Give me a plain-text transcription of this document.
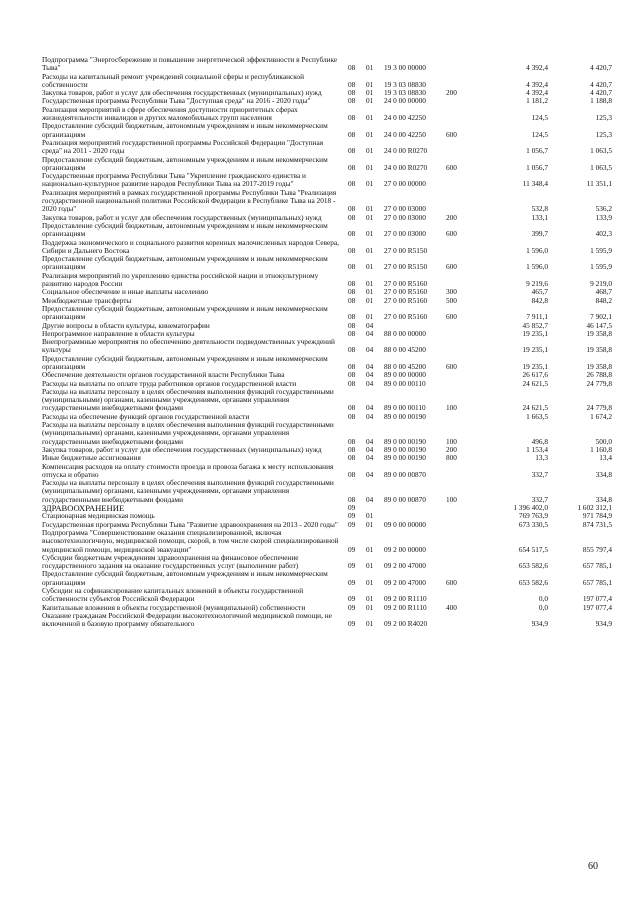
Подпрограмма "Энергосбережение и повышение энергетической эффективности в Республике Тыва"	08	01	19 3 00 00000		4 392,4	4 420,7
Расходы на капитальный ремонт учреждений социальной сферы и республиканской собственности	08	01	19 3 03 08830		4 392,4	4 420,7
Закупка товаров, работ и услуг для обеспечения государственных (муниципальных) нужд	08	01	19 3 03 08830	200	4 392,4	4 420,7
Государственная программа Республики Тыва "Доступная среда" на 2016 - 2020 годы"	08	01	24 0 00 00000		1 181,2	1 188,8
Реализация мероприятий в сфере обеспечения доступности приоритетных сферах жизнедеятельности инвалидов и других маломобильных групп населения	08	01	24 0 00 42250		124,5	125,3
Предоставление субсидий бюджетным, автономным учреждениям и иным некоммерческим организациям	08	01	24 0 00 42250	600	124,5	125,3
Реализация мероприятий государственной программы Российской Федерации "Доступная среда" на 2011 - 2020 годы	08	01	24 0 00 R0270		1 056,7	1 063,5
Предоставление субсидий бюджетным, автономным учреждениям и иным некоммерческим организациям	08	01	24 0 00 R0270	600	1 056,7	1 063,5
Государственная программа Республики Тыва "Укрепление гражданского единства и национально-культурное развитие народов Республики Тыва на 2017-2019 годы"	08	01	27 0 00 00000		11 348,4	11 351,1
Реализация мероприятий в рамках государственной программы Республики Тыва "Реализация государственной национальной политики Российской Федерации в Республике Тыва на 2018 - 2020 годы"	08	01	27 0 00 03000		532,8	536,2
Закупка товаров, работ и услуг для обеспечения государственных (муниципальных) нужд	08	01	27 0 00 03000	200	133,1	133,9
Предоставление субсидий бюджетным, автономным учреждениям и иным некоммерческим организациям	08	01	27 0 00 03000	600	399,7	402,3
Поддержка экономического и социального развития коренных малочисленных народов Севера, Сибири и Дальнего Востока	08	01	27 0 00 R5150		1 596,0	1 595,9
Предоставление субсидий бюджетным, автономным учреждениям и иным некоммерческим организациям	08	01	27 0 00 R5150	600	1 596,0	1 595,9
Реализация мероприятий по укреплению единства российской нации и этнокультурному развитию народов России	08	01	27 0 00 R5160		9 219,6	9 219,0
Социальное обеспечение и иные выплаты населению	08	01	27 0 00 R5160	300	465,7	468,7
Межбюджетные трансферты	08	01	27 0 00 R5160	500	842,8	848,2
Предоставление субсидий бюджетным, автономным учреждениям и иным некоммерческим организациям	08	01	27 0 00 R5160	600	7 911,1	7 902,1
Другие вопросы в области культуры, кинематографии	08	04			45 852,7	46 147,5
Непрограммное направление в области культуры	08	04	88 0 00 00000		19 235,1	19 358,8
Внепрограммные мероприятия по обеспечению деятельности подведомственных учреждений культуры	08	04	88 0 00 45200		19 235,1	19 358,8
Предоставление субсидий бюджетным, автономным учреждениям и иным некоммерческим организациям	08	04	88 0 00 45200	600	19 235,1	19 358,8
Обеспечение деятельности органов государственной власти Республики Тыва	08	04	89 0 00 00000		26 617,6	26 788,8
Расходы на выплаты по оплате труда работников органов государственной власти	08	04	89 0 00 00110		24 621,5	24 779,8
Расходы на выплаты персоналу в целях обеспечения выполнения функций государственными (муниципальными) органами, казенными учреждениями, органами управления государственными внебюджетными фондами	08	04	89 0 00 00110	100	24 621,5	24 779,8
Расходы на обеспечение функций органов государственной власти	08	04	89 0 00 00190		1 663,5	1 674,2
Расходы на выплаты персоналу в целях обеспечения выполнения функций государственными (муниципальными) органами, казенными учреждениями, органами управления государственными внебюджетными фондами	08	04	89 0 00 00190	100	496,8	500,0
Закупка товаров, работ и услуг для обеспечения государственных (муниципальных) нужд	08	04	89 0 00 00190	200	1 153,4	1 160,8
Иные бюджетные ассигнования	08	04	89 0 00 00190	800	13,3	13,4
Компенсация расходов на оплату стоимости проезда и провоза багажа к месту использования отпуска и обратно	08	04	89 0 00 00870		332,7	334,8
Расходы на выплаты персоналу в целях обеспечения выполнения функций государственными (муниципальными) органами, казенными учреждениями, органами управления государственными внебюджетными фондами	08	04	89 0 00 00870	100	332,7	334,8
ЗДРАВООХРАНЕНИЕ	09				1 396 402,0	1 602 312,1
Стационарная медицинская помощь	09	01			769 763,9	971 784,9
Государственная программа Республики Тыва "Развитие здравоохранения на 2013 - 2020 годы"	09	01	09 0 00 00000		673 330,5	874 731,5
Подпрограмма "Совершенствование оказания специализированной, включая высокотехнологичную, медицинской помощи, скорой, в том числе скорой специализированной медицинской помощи, медицинской эвакуации"	09	01	09 2 00 00000		654 517,5	855 797,4
Субсидии бюджетным учреждениям здравоохранения на финансовое обеспечение государственного задания на оказание государственных услуг (выполнение работ)	09	01	09 2 00 47000		653 582,6	657 785,1
Предоставление субсидий бюджетным, автономным учреждениям и иным некоммерческим организациям	09	01	09 2 00 47000	600	653 582,6	657 785,1
Субсидии на софинансирование капитальных вложений в объекты государственной собственности субъектов Российской Федерации	09	01	09 2 00 R1110		0,0	197 077,4
Капитальные вложения в объекты государственной (муниципальной) собственности	09	01	09 2 00 R1110	400	0,0	197 077,4
Оказание гражданам Российской Федерации высокотехнологичной медицинской помощи, не включенной в базовую программу обязательного	09	01	09 2 00 R4020		934,9	934,9
60
